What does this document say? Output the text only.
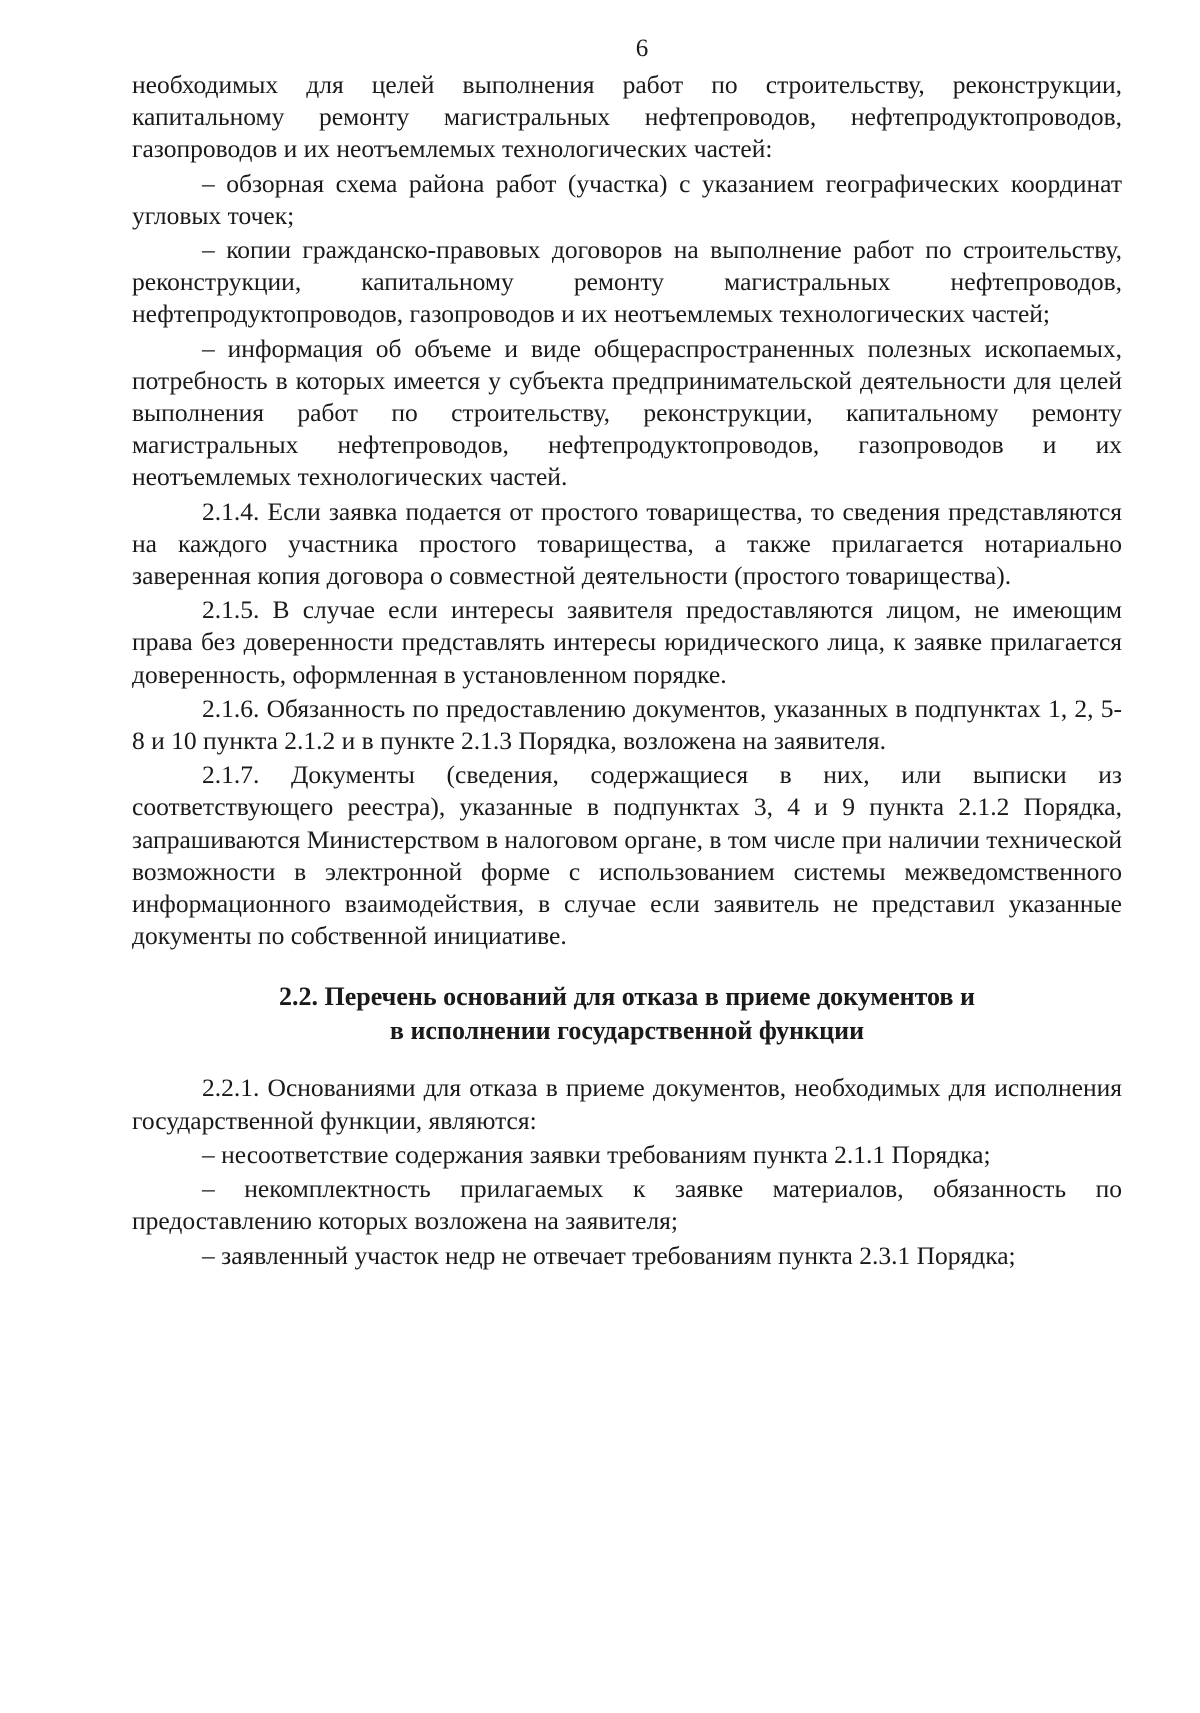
6

необходимых для целей выполнения работ по строительству, реконструкции, капитальному ремонту магистральных нефтепроводов, нефтепродуктопроводов, газопроводов и их неотъемлемых технологических частей:

– обзорная схема района работ (участка) с указанием географических координат угловых точек;

– копии гражданско-правовых договоров на выполнение работ по строительству, реконструкции, капитальному ремонту магистральных нефтепроводов, нефтепродуктопроводов, газопроводов и их неотъемлемых технологических частей;

– информация об объеме и виде общераспространенных полезных ископаемых, потребность в которых имеется у субъекта предпринимательской деятельности для целей выполнения работ по строительству, реконструкции, капитальному ремонту магистральных нефтепроводов, нефтепродуктопроводов, газопроводов и их неотъемлемых технологических частей.

2.1.4. Если заявка подается от простого товарищества, то сведения представляются на каждого участника простого товарищества, а также прилагается нотариально заверенная копия договора о совместной деятельности (простого товарищества).

2.1.5. В случае если интересы заявителя предоставляются лицом, не имеющим права без доверенности представлять интересы юридического лица, к заявке прилагается доверенность, оформленная в установленном порядке.

2.1.6. Обязанность по предоставлению документов, указанных в подпунктах 1, 2, 5-8 и 10 пункта 2.1.2 и в пункте 2.1.3 Порядка, возложена на заявителя.

2.1.7. Документы (сведения, содержащиеся в них, или выписки из соответствующего реестра), указанные в подпунктах 3, 4 и 9 пункта 2.1.2 Порядка, запрашиваются Министерством в налоговом органе, в том числе при наличии технической возможности в электронной форме с использованием системы межведомственного информационного взаимодействия, в случае если заявитель не представил указанные документы по собственной инициативе.

2.2. Перечень оснований для отказа в приеме документов и
в исполнении государственной функции

2.2.1. Основаниями для отказа в приеме документов, необходимых для исполнения государственной функции, являются:

– несоответствие содержания заявки требованиям пункта 2.1.1 Порядка;

– некомплектность прилагаемых к заявке материалов, обязанность по предоставлению которых возложена на заявителя;

– заявленный участок недр не отвечает требованиям пункта 2.3.1 Порядка;
